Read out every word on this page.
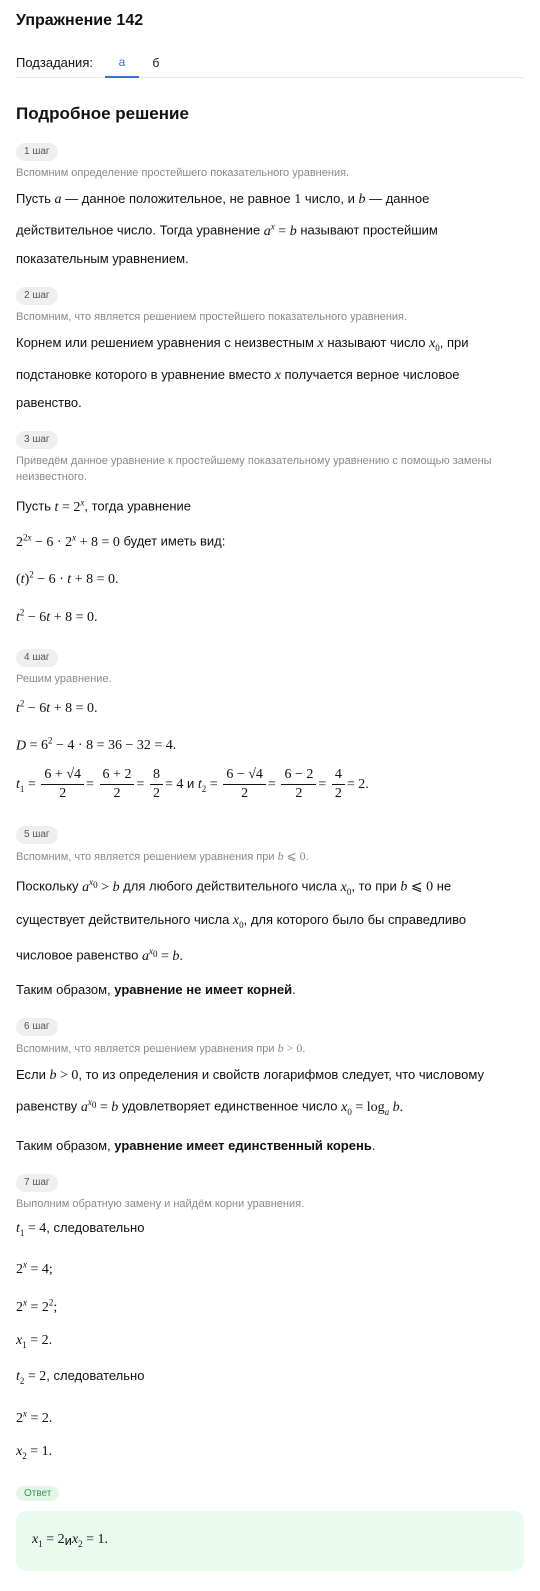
Упражнение 142
Подзадания:	а	б
Подробное решение
1 шаг
Вспомним определение простейшего показательного уравнения.
Пусть a — данное положительное, не равное 1 число, и b — данное
действительное число. Тогда уравнение $a^x = b$ называют простейшим
показательным уравнением.
2 шаг
Вспомним, что является решением простейшего показательного уравнения.
Корнем или решением уравнения с неизвестным x называют число $x_0$, при
подстановке которого в уравнение вместо x получается верное числовое
равенство.
3 шаг
Приведём данное уравнение к простейшему показательному уравнению с помощью замены неизвестного.
Пусть $t = 2^x$, тогда уравнение
$2^{2x} - 6 \cdot 2^x + 8 = 0$ будет иметь вид:
$(t)^2 - 6 \cdot t + 8 = 0$.
$t^2 - 6t + 8 = 0$.
4 шаг
Решим уравнение.
$t^2 - 6t + 8 = 0$.
$D = 6^2 - 4 \cdot 8 = 36 - 32 = 4$.
$t_1 = \frac{6 + √4}{2} = \frac{6 + 2}{2} = \frac{8}{2} = 4$ и $t_2 = \frac{6 - √4}{2} = \frac{6 - 2}{2} = \frac{4}{2} = 2$.
5 шаг
Вспомним, что является решением уравнения при b ⩽ 0.
Поскольку $a^{x_0} > b$ для любого действительного числа $x_0$, то при b ⩽ 0 не
существует действительного числа $x_0$, для которого было бы справедливо
числовое равенство $a^{x_0} = b$.
Таким образом, уравнение не имеет корней.
6 шаг
Вспомним, что является решением уравнения при b > 0.
Если b > 0, то из определения и свойств логарифмов следует, что числовому
равенству $a^{x_0} = b$ удовлетворяет единственное число $x_0 = \log_a b$.
Таким образом, уравнение имеет единственный корень.
7 шаг
Выполним обратную замену и найдём корни уравнения.
$t_1 = 4$, следовательно
$2^x = 4$;
$2^x = 2^2$;
$x_1 = 2$.
$t_2 = 2$, следовательно
$2^x = 2$.
$x_2 = 1$.
Ответ
$x_1 = 2$ и $x_2 = 1$.
